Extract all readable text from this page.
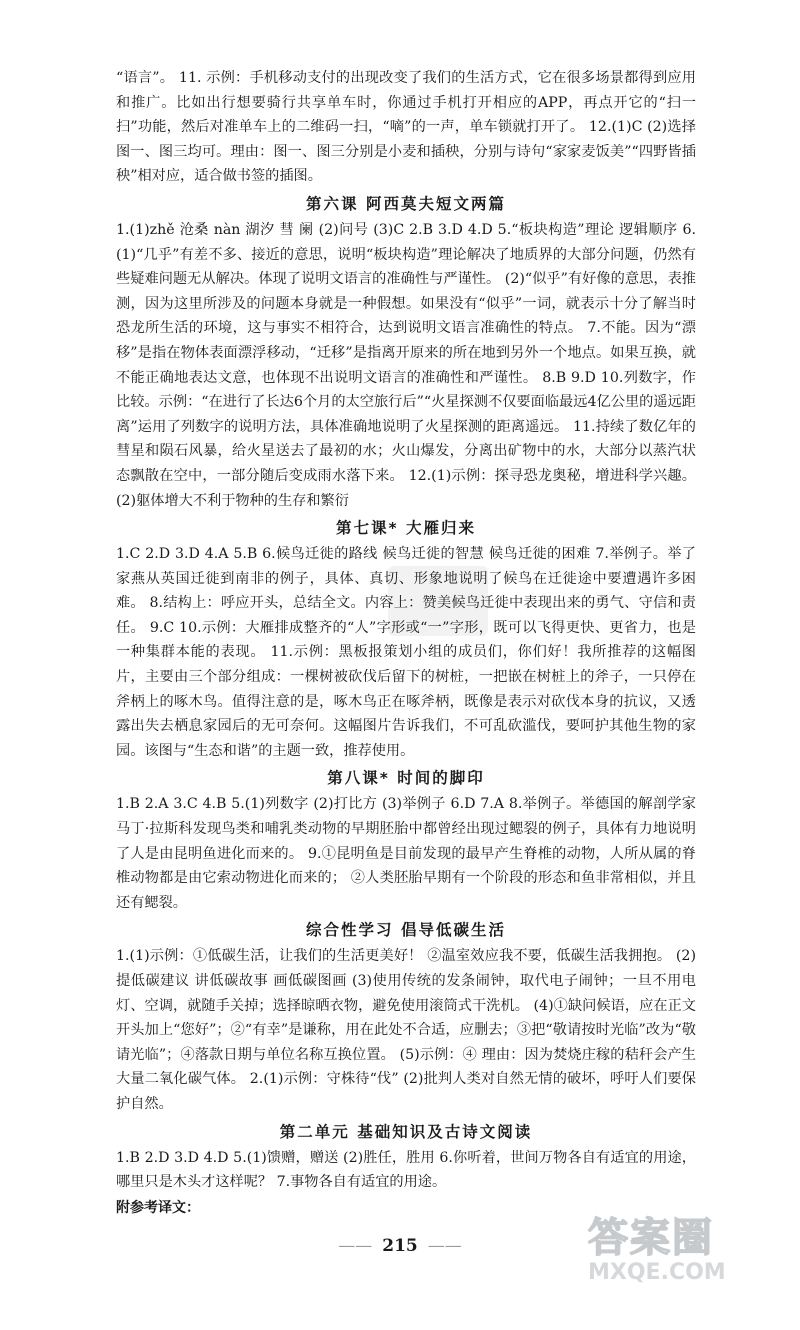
“语言”。 11. 示例：手机移动支付的出现改变了我们的生活方式，它在很多场景都得到应用和推广。比如出行想要骑行共享单车时，你通过手机打开相应的APP，再点开它的“扫一扫”功能，然后对准单车上的二维码一扫，“嘀”的一声，单车锁就打开了。 12.(1)C (2)选择图一、图三均可。理由：图一、图三分别是小麦和插秧，分别与诗句“家家麦饭美”“四野皆插秧”相对应，适合做书签的插图。

第六课 阿西莫夫短文两篇

1.(1)zhě 沧桑 nàn 湖汐 彗 阑 (2)问号 (3)C 2.B 3.D 4.D 5.“板块构造”理论 逻辑顺序 6.(1)“几乎”有差不多、接近的意思，说明“板块构造”理论解决了地质界的大部分问题，仍然有些疑难问题无从解决。体现了说明文语言的准确性与严谨性。 (2)“似乎”有好像的意思，表推测，因为这里所涉及的问题本身就是一种假想。如果没有“似乎”一词，就表示十分了解当时恐龙所生活的环境，这与事实不相符合，达到说明文语言准确性的特点。 7.不能。因为“漂移”是指在物体表面漂浮移动，“迁移”是指离开原来的所在地到另外一个地点。如果互换，就不能正确地表达文意，也体现不出说明文语言的准确性和严谨性。 8.B 9.D 10.列数字，作比较。示例：“在进行了长达6个月的太空旅行后”“火星探测不仅要面临最远4亿公里的遥远距离”运用了列数字的说明方法，具体准确地说明了火星探测的距离遥远。 11.持续了数亿年的彗星和陨石风暴，给火星送去了最初的水；火山爆发，分离出矿物中的水，大部分以蒸汽状态飘散在空中，一部分随后变成雨水落下来。 12.(1)示例：探寻恐龙奥秘，增进科学兴趣。 (2)躯体增大不利于物种的生存和繁衍

第七课* 大雁归来

1.C 2.D 3.D 4.A 5.B 6.候鸟迁徙的路线 候鸟迁徙的智慧 候鸟迁徙的困难 7.举例子。举了家燕从英国迁徙到南非的例子，具体、真切、形象地说明了候鸟在迁徙途中要遭遇许多困难。 8.结构上：呼应开头，总结全文。内容上：赞美候鸟迁徙中表现出来的勇气、守信和责任。 9.C 10.示例：大雁排成整齐的“人”字形或“一”字形，既可以飞得更快、更省力，也是一种集群本能的表现。 11.示例：黑板报策划小组的成员们，你们好！我所推荐的这幅图片，主要由三个部分组成：一棵树被砍伐后留下的树桩，一把嵌在树桩上的斧子，一只停在斧柄上的啄木鸟。值得注意的是，啄木鸟正在啄斧柄，既像是表示对砍伐本身的抗议，又透露出失去栖息家园后的无可奈何。这幅图片告诉我们，不可乱砍滥伐，要呵护其他生物的家园。该图与“生态和谐”的主题一致，推荐使用。

第八课* 时间的脚印

1.B 2.A 3.C 4.B 5.(1)列数字 (2)打比方 (3)举例子 6.D 7.A 8.举例子。举德国的解剖学家马丁·拉斯科发现鸟类和哺乳类动物的早期胚胎中都曾经出现过鳃裂的例子，具体有力地说明了人是由昆明鱼进化而来的。 9.①昆明鱼是目前发现的最早产生脊椎的动物，人所从属的脊椎动物都是由它索动物进化而来的； ②人类胚胎早期有一个阶段的形态和鱼非常相似，并且还有鳃裂。

综合性学习 倡导低碳生活

1.(1)示例：①低碳生活，让我们的生活更美好！ ②温室效应我不要，低碳生活我拥抱。 (2)提低碳建议 讲低碳故事 画低碳图画 (3)使用传统的发条闹钟，取代电子闹钟；一旦不用电灯、空调，就随手关掉；选择晾晒衣物，避免使用滚筒式干洗机。 (4)①缺问候语，应在正文开头加上“您好”；②“有幸”是谦称，用在此处不合适，应删去；③把“敬请按时光临”改为“敬请光临”；④落款日期与单位名称互换位置。 (5)示例：④ 理由：因为焚烧庄稼的秸秆会产生大量二氧化碳气体。 2.(1)示例：守株待“伐” (2)批判人类对自然无情的破坏，呼吁人们要保护自然。

第二单元 基础知识及古诗文阅读

1.B 2.D 3.D 4.D 5.(1)馈赠，赠送 (2)胜任，胜用 6.你听着，世间万物各自有适宜的用途，哪里只是木头才这样呢？ 7.事物各自有适宜的用途。

附参考译文：

—— 215 ——	答案圈
MXQE.COM
